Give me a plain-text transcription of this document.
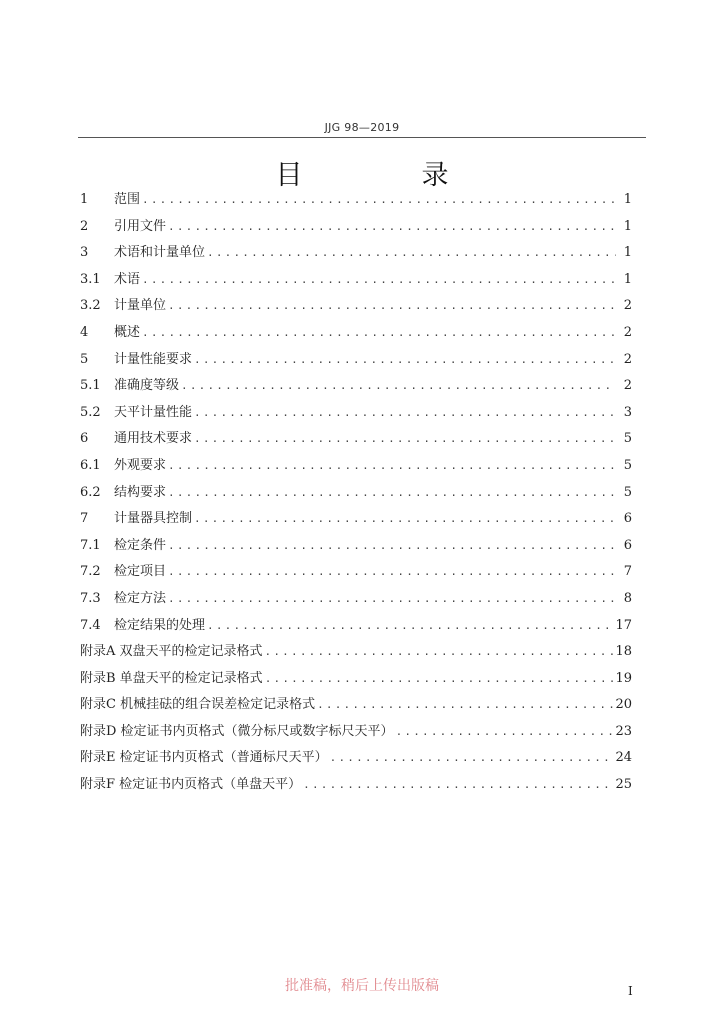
JJG 98—2019
目　录
1	范围 .....	1
2	引用文件 .....	1
3	术语和计量单位 .....	1
3.1	术语 .....	1
3.2	计量单位 .....	2
4	概述 .....	2
5	计量性能要求 .....	2
5.1	准确度等级 .....	2
5.2	天平计量性能 .....	3
6	通用技术要求 .....	5
6.1	外观要求 .....	5
6.2	结构要求 .....	5
7	计量器具控制 .....	6
7.1	检定条件 .....	6
7.2	检定项目 .....	7
7.3	检定方法 .....	8
7.4	检定结果的处理 .....	17
附录A 双盘天平的检定记录格式 .....	18
附录B 单盘天平的检定记录格式 .....	19
附录C 机械挂砝的组合误差检定记录格式 .....	20
附录D 检定证书内页格式（微分标尺或数字标尺天平） .....	23
附录E 检定证书内页格式（普通标尺天平） .....	24
附录F 检定证书内页格式（单盘天平） .....	25
批准稿，稍后上传出版稿	I
